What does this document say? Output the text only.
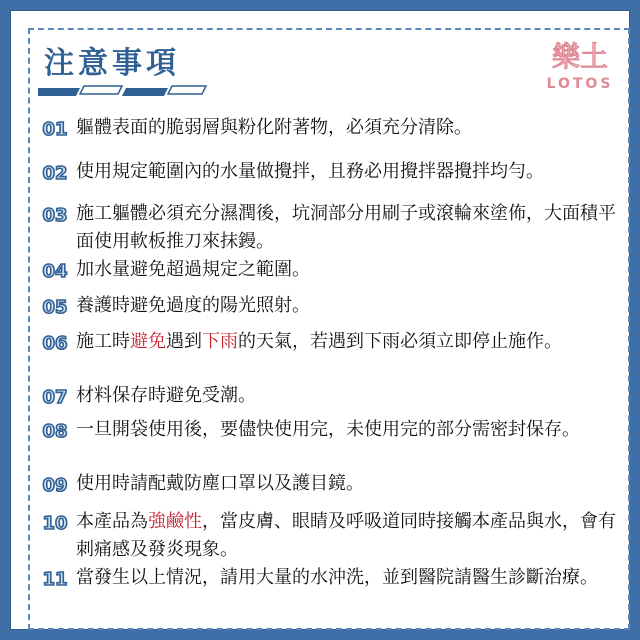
注意事項	樂土
LOTOS
01 軀體表面的脆弱層與粉化附著物，必須充分清除。
02 使用規定範圍內的水量做攪拌，且務必用攪拌器攪拌均勻。
03 施工軀體必須充分濕潤後，坑洞部分用刷子或滾輪來塗佈，大面積平面使用軟板推刀來抹鏝。
04 加水量避免超過規定之範圍。
05 養護時避免過度的陽光照射。
06 施工時避免遇到下雨的天氣，若遇到下雨必須立即停止施作。
07 材料保存時避免受潮。
08 一旦開袋使用後，要儘快使用完，未使用完的部分需密封保存。
09 使用時請配戴防塵口罩以及護目鏡。
10 本產品為強鹼性，當皮膚、眼睛及呼吸道同時接觸本產品與水，會有刺痛感及發炎現象。
11 當發生以上情況，請用大量的水沖洗，並到醫院請醫生診斷治療。
